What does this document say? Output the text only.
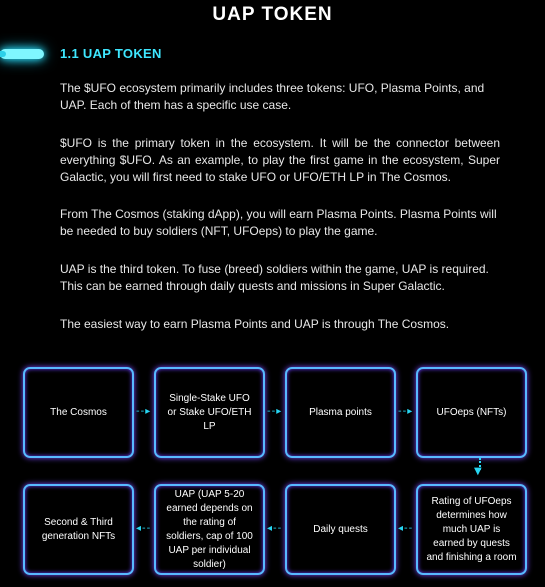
UAP TOKEN
1.1 UAP TOKEN
The $UFO ecosystem primarily includes three tokens: UFO, Plasma Points, and UAP. Each of them has a specific use case.
$UFO is the primary token in the ecosystem. It will be the connector between everything $UFO. As an example, to play the first game in the ecosystem, Super Galactic, you will first need to stake UFO or UFO/ETH LP in The Cosmos.
From The Cosmos (staking dApp), you will earn Plasma Points. Plasma Points will be needed to buy soldiers (NFT, UFOeps) to play the game.
UAP is the third token. To fuse (breed) soldiers within the game, UAP is required. This can be earned through daily quests and missions in Super Galactic.
The easiest way to earn Plasma Points and UAP is through The Cosmos.
The Cosmos	--▸
Single-Stake UFO or Stake UFO/ETH LP
--▸	Plasma points	--▸	UFOeps (NFTs)
▼
Second & Third generation NFTs
◂--
UAP (UAP 5-20 earned depends on the rating of soldiers, cap of 100 UAP per individual soldier)
◂--	Daily quests	◂--
Rating of UFOeps determines how much UAP is earned by quests and finishing a room
